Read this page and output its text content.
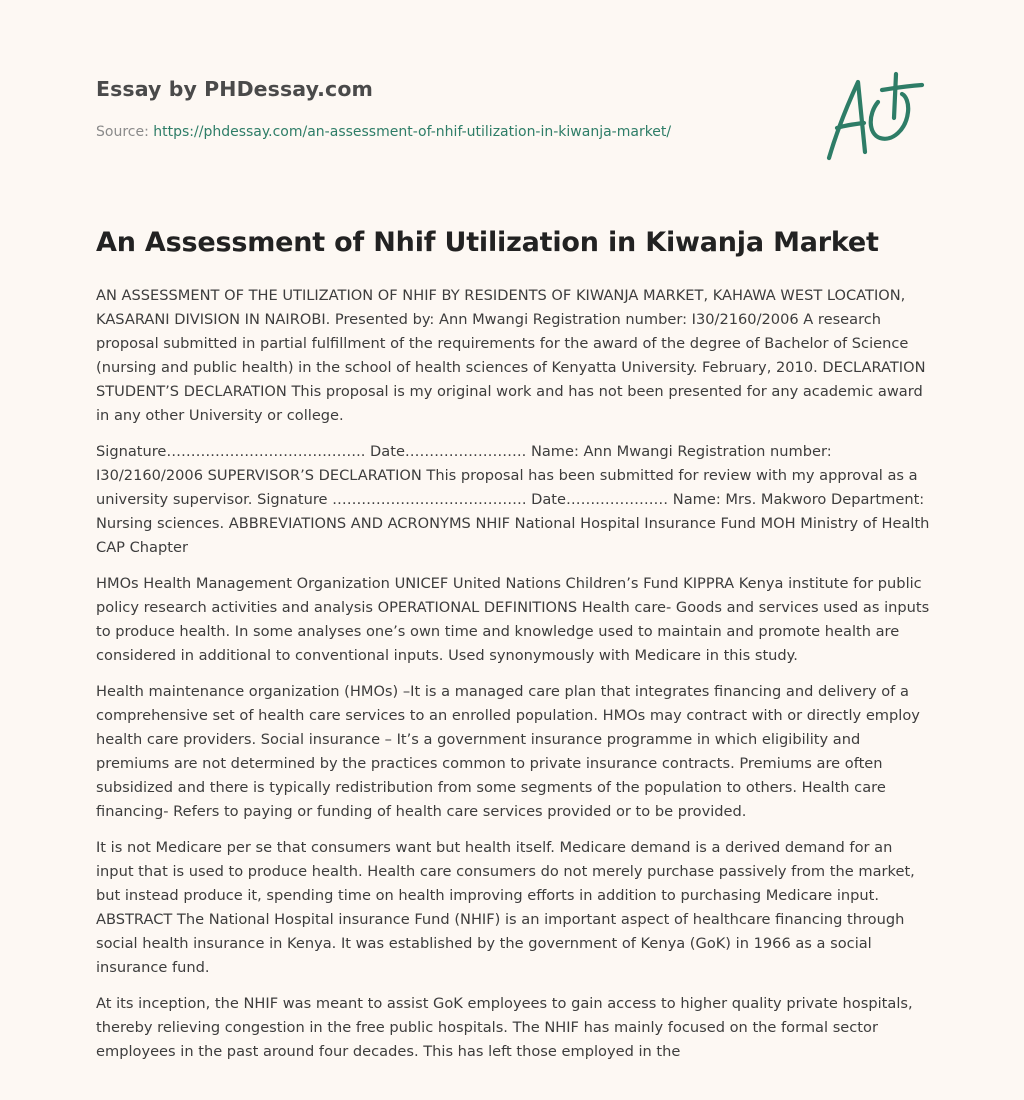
Essay by PHDessay.com
Source: https://phdessay.com/an-assessment-of-nhif-utilization-in-kiwanja-market/
An Assessment of Nhif Utilization in Kiwanja Market

AN ASSESSMENT OF THE UTILIZATION OF NHIF BY RESIDENTS OF KIWANJA MARKET, KAHAWA WEST LOCATION, KASARANI DIVISION IN NAIROBI. Presented by: Ann Mwangi Registration number: I30/2160/2006 A research proposal submitted in partial fulfillment of the requirements for the award of the degree of Bachelor of Science (nursing and public health) in the school of health sciences of Kenyatta University. February, 2010. DECLARATION STUDENT’S DECLARATION This proposal is my original work and has not been presented for any academic award in any other University or college.

Signature………………………………….. Date……………………. Name: Ann Mwangi Registration number: I30/2160/2006 SUPERVISOR’S DECLARATION This proposal has been submitted for review with my approval as a university supervisor. Signature …………………………………. Date………………… Name: Mrs. Makworo Department: Nursing sciences. ABBREVIATIONS AND ACRONYMS NHIF National Hospital Insurance Fund MOH Ministry of Health CAP Chapter

HMOs Health Management Organization UNICEF United Nations Children’s Fund KIPPRA Kenya institute for public policy research activities and analysis OPERATIONAL DEFINITIONS Health care- Goods and services used as inputs to produce health. In some analyses one’s own time and knowledge used to maintain and promote health are considered in additional to conventional inputs. Used synonymously with Medicare in this study.

Health maintenance organization (HMOs) –It is a managed care plan that integrates financing and delivery of a comprehensive set of health care services to an enrolled population. HMOs may contract with or directly employ health care providers. Social insurance – It’s a government insurance programme in which eligibility and premiums are not determined by the practices common to private insurance contracts. Premiums are often subsidized and there is typically redistribution from some segments of the population to others. Health care financing- Refers to paying or funding of health care services provided or to be provided.

It is not Medicare per se that consumers want but health itself. Medicare demand is a derived demand for an input that is used to produce health. Health care consumers do not merely purchase passively from the market, but instead produce it, spending time on health improving efforts in addition to purchasing Medicare input. ABSTRACT The National Hospital insurance Fund (NHIF) is an important aspect of healthcare financing through social health insurance in Kenya. It was established by the government of Kenya (GoK) in 1966 as a social insurance fund.

At its inception, the NHIF was meant to assist GoK employees to gain access to higher quality private hospitals, thereby relieving congestion in the free public hospitals. The NHIF has mainly focused on the formal sector employees in the past around four decades. This has left those employed in the
